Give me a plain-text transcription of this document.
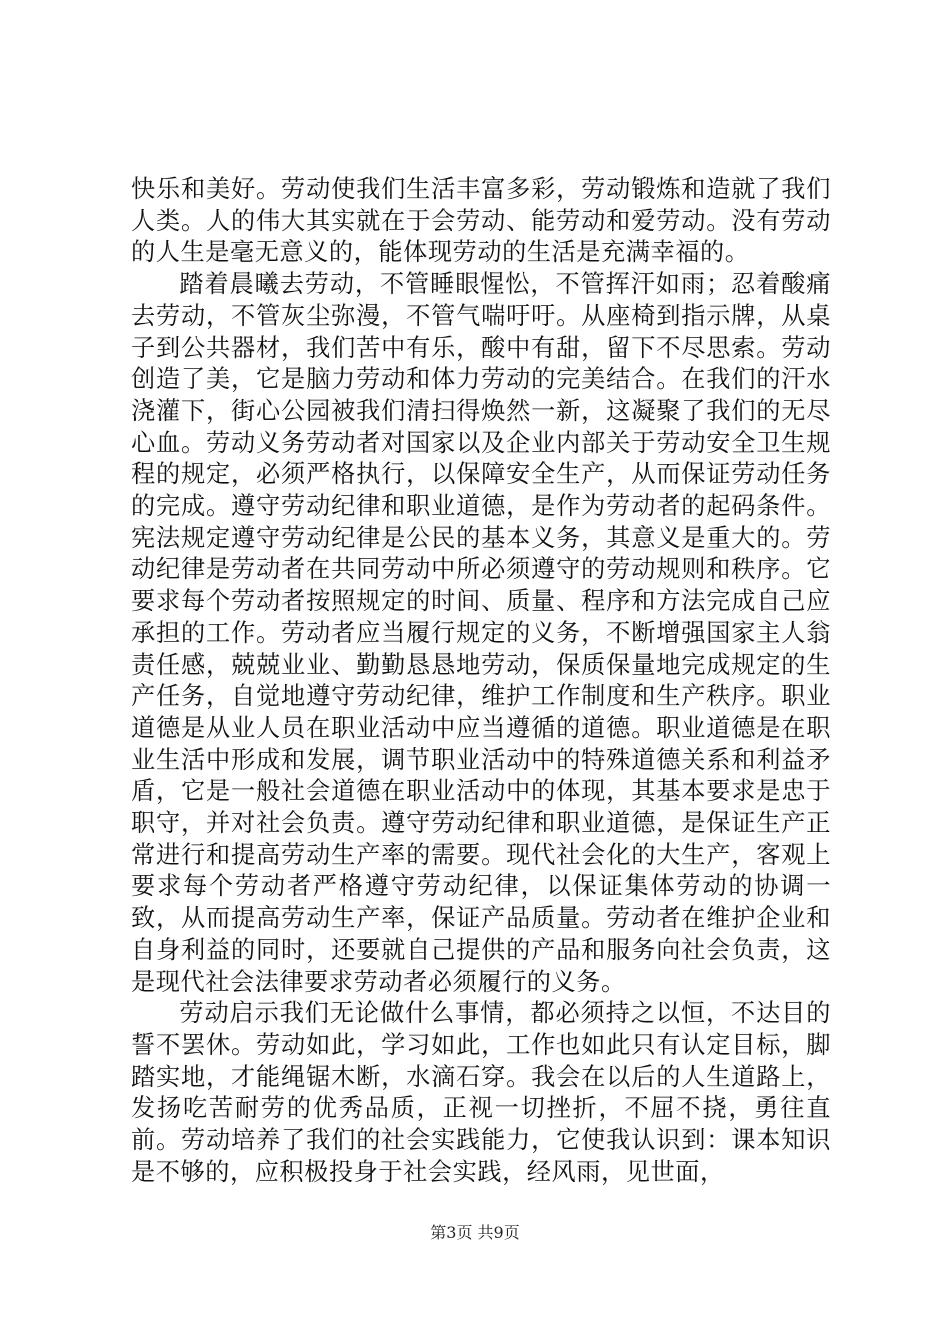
快乐和美好。劳动使我们生活丰富多彩，劳动锻炼和造就了我们人类。人的伟大其实就在于会劳动、能劳动和爱劳动。没有劳动的人生是毫无意义的，能体现劳动的生活是充满幸福的。

踏着晨曦去劳动，不管睡眼惺忪，不管挥汗如雨；忍着酸痛去劳动，不管灰尘弥漫，不管气喘吁吁。从座椅到指示牌，从桌子到公共器材，我们苦中有乐，酸中有甜，留下不尽思索。劳动创造了美，它是脑力劳动和体力劳动的完美结合。在我们的汗水浇灌下，街心公园被我们清扫得焕然一新，这凝聚了我们的无尽心血。劳动义务劳动者对国家以及企业内部关于劳动安全卫生规程的规定，必须严格执行，以保障安全生产，从而保证劳动任务的完成。遵守劳动纪律和职业道德，是作为劳动者的起码条件。宪法规定遵守劳动纪律是公民的基本义务，其意义是重大的。劳动纪律是劳动者在共同劳动中所必须遵守的劳动规则和秩序。它要求每个劳动者按照规定的时间、质量、程序和方法完成自己应承担的工作。劳动者应当履行规定的义务，不断增强国家主人翁责任感，兢兢业业、勤勤恳恳地劳动，保质保量地完成规定的生产任务，自觉地遵守劳动纪律，维护工作制度和生产秩序。职业道德是从业人员在职业活动中应当遵循的道德。职业道德是在职业生活中形成和发展，调节职业活动中的特殊道德关系和利益矛盾，它是一般社会道德在职业活动中的体现，其基本要求是忠于职守，并对社会负责。遵守劳动纪律和职业道德，是保证生产正常进行和提高劳动生产率的需要。现代社会化的大生产，客观上要求每个劳动者严格遵守劳动纪律，以保证集体劳动的协调一致，从而提高劳动生产率，保证产品质量。劳动者在维护企业和自身利益的同时，还要就自己提供的产品和服务向社会负责，这是现代社会法律要求劳动者必须履行的义务。

劳动启示我们无论做什么事情，都必须持之以恒，不达目的誓不罢休。劳动如此，学习如此，工作也如此只有认定目标，脚踏实地，才能绳锯木断，水滴石穿。我会在以后的人生道路上，发扬吃苦耐劳的优秀品质，正视一切挫折，不屈不挠，勇往直前。劳动培养了我们的社会实践能力，它使我认识到：课本知识是不够的，应积极投身于社会实践，经风雨，见世面，

第3页 共9页
